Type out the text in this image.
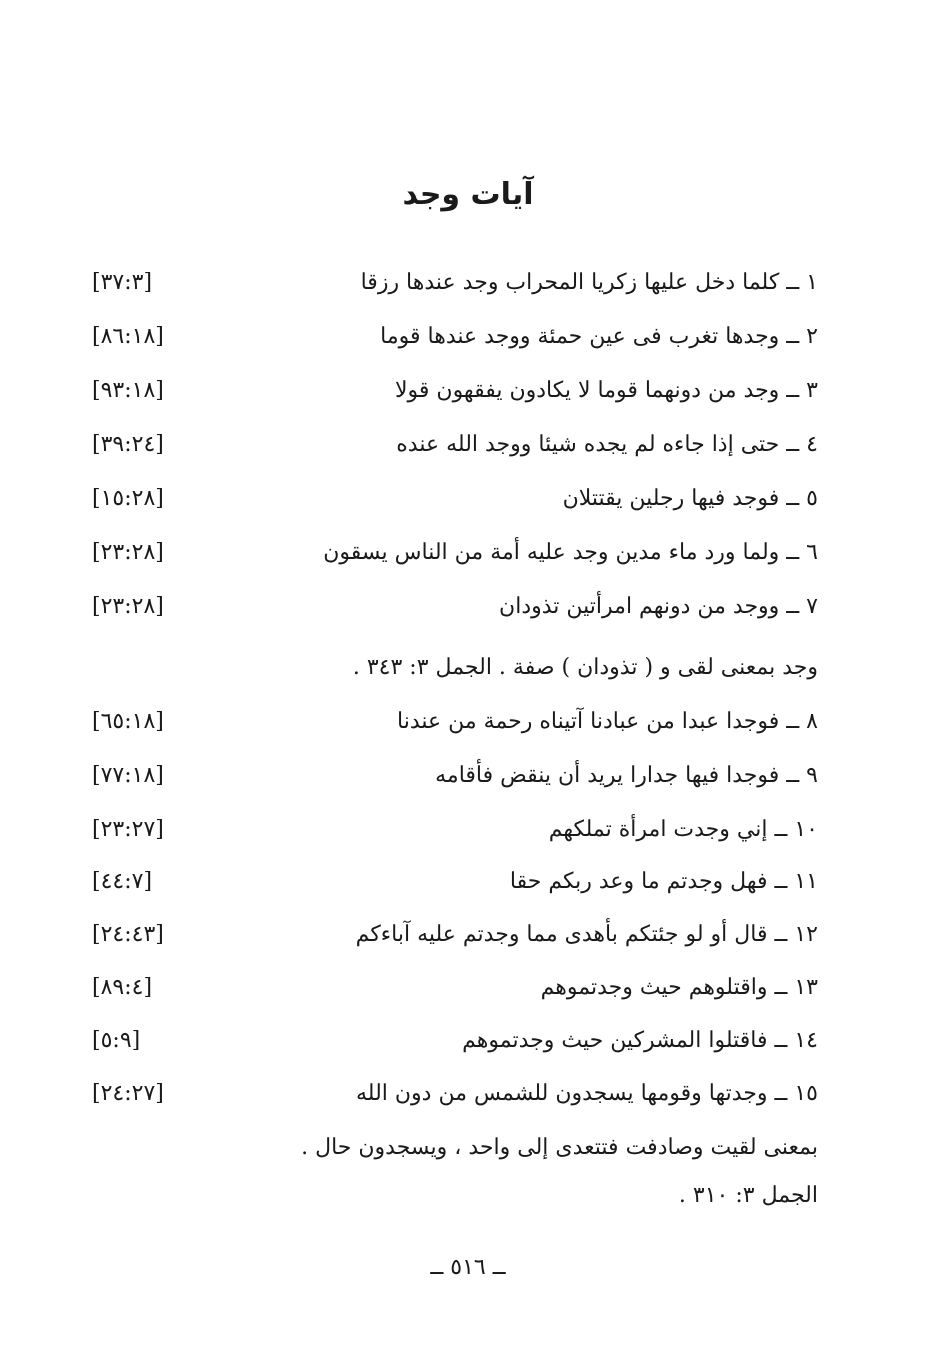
آيات وجد
١ ــ كلما دخل عليها زكريا المحراب وجد عندها رزقا
[٣٧:٣]
٢ ــ وجدها تغرب فى عين حمئة ووجد عندها قوما
[٨٦:١٨]
٣ ــ وجد من دونهما قوما لا يكادون يفقهون قولا
[٩٣:١٨]
٤ ــ حتى إذا جاءه لم يجده شيئا ووجد الله عنده
[٣٩:٢٤]
٥ ــ فوجد فيها رجلين يقتتلان
[١٥:٢٨]
٦ ــ ولما ورد ماء مدين وجد عليه أمة من الناس يسقون
[٢٣:٢٨]
٧ ــ ووجد من دونهم امرأتين تذودان
[٢٣:٢٨]
وجد بمعنى لقى و ( تذودان ) صفة . الجمل ٣: ٣٤٣ .
٨ ــ فوجدا عبدا من عبادنا آتيناه رحمة من عندنا
[٦٥:١٨]
٩ ــ فوجدا فيها جدارا يريد أن ينقض فأقامه
[٧٧:١٨]
١٠ ــ إني وجدت امرأة تملكهم
[٢٣:٢٧]
١١ ــ فهل وجدتم ما وعد ربكم حقا
[٤٤:٧]
١٢ ــ قال أو لو جئتكم بأهدى مما وجدتم عليه آباءكم
[٢٤:٤٣]
١٣ ــ واقتلوهم حيث وجدتموهم
[٨٩:٤]
١٤ ــ فاقتلوا المشركين حيث وجدتموهم
[٥:٩]
١٥ ــ وجدتها وقومها يسجدون للشمس من دون الله
[٢٤:٢٧]
بمعنى لقيت وصادفت فتتعدى إلى واحد ، ويسجدون حال .
الجمل ٣: ٣١٠ .
ــ ٥١٦ ــ
